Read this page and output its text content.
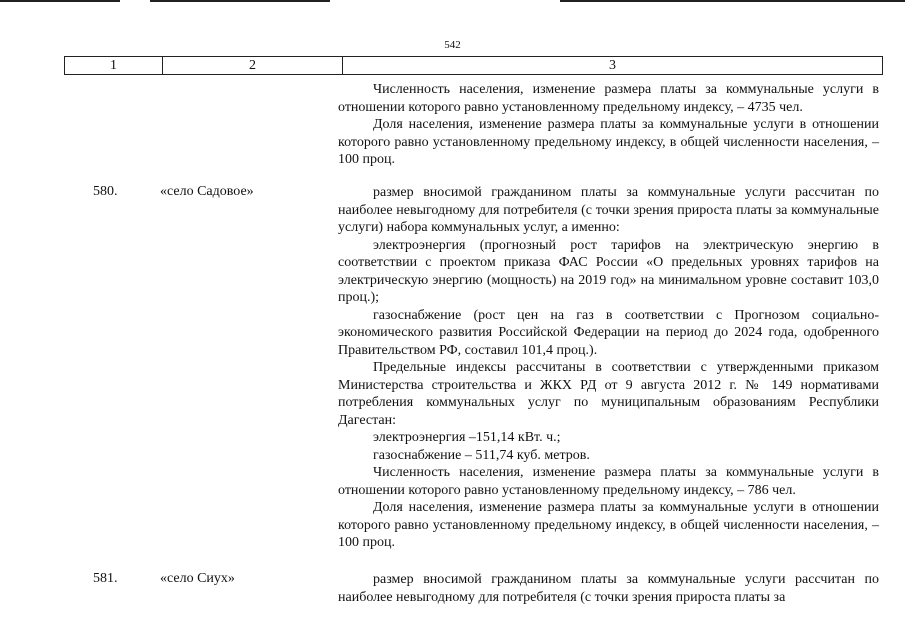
542
1	2	3

Численность населения, изменение размера платы за коммунальные услуги в отношении которого равно установленному предельному индексу, – 4735 чел.

Доля населения, изменение размера платы за коммунальные услуги в отношении которого равно установленному предельному индексу, в общей численности населения, – 100 проц.

580.	«село Садовое»	размер вносимой гражданином платы за коммунальные услуги рассчитан по наиболее невыгодному для потребителя (с точки зрения прироста платы за коммунальные услуги) набора коммунальных услуг, а именно:

электроэнергия (прогнозный рост тарифов на электрическую энергию в соответствии с проектом приказа ФАС России «О предельных уровнях тарифов на электрическую энергию (мощность) на 2019 год» на минимальном уровне составит 103,0 проц.);

газоснабжение (рост цен на газ в соответствии с Прогнозом социально-экономического развития Российской Федерации на период до 2024 года, одобренного Правительством РФ, составил 101,4 проц.).

Предельные индексы рассчитаны в соответствии с утвержденными приказом Министерства строительства и ЖКХ РД от 9 августа 2012 г. № 149 нормативами потребления коммунальных услуг по муниципальным образованиям Республики Дагестан:

электроэнергия –151,14 кВт. ч.;

газоснабжение – 511,74 куб. метров.

Численность населения, изменение размера платы за коммунальные услуги в отношении которого равно установленному предельному индексу, – 786 чел.

Доля населения, изменение размера платы за коммунальные услуги в отношении которого равно установленному предельному индексу, в общей численности населения, – 100 проц.

581.	«село Сиух»	размер вносимой гражданином платы за коммунальные услуги рассчитан по наиболее невыгодному для потребителя (с точки зрения прироста платы за
